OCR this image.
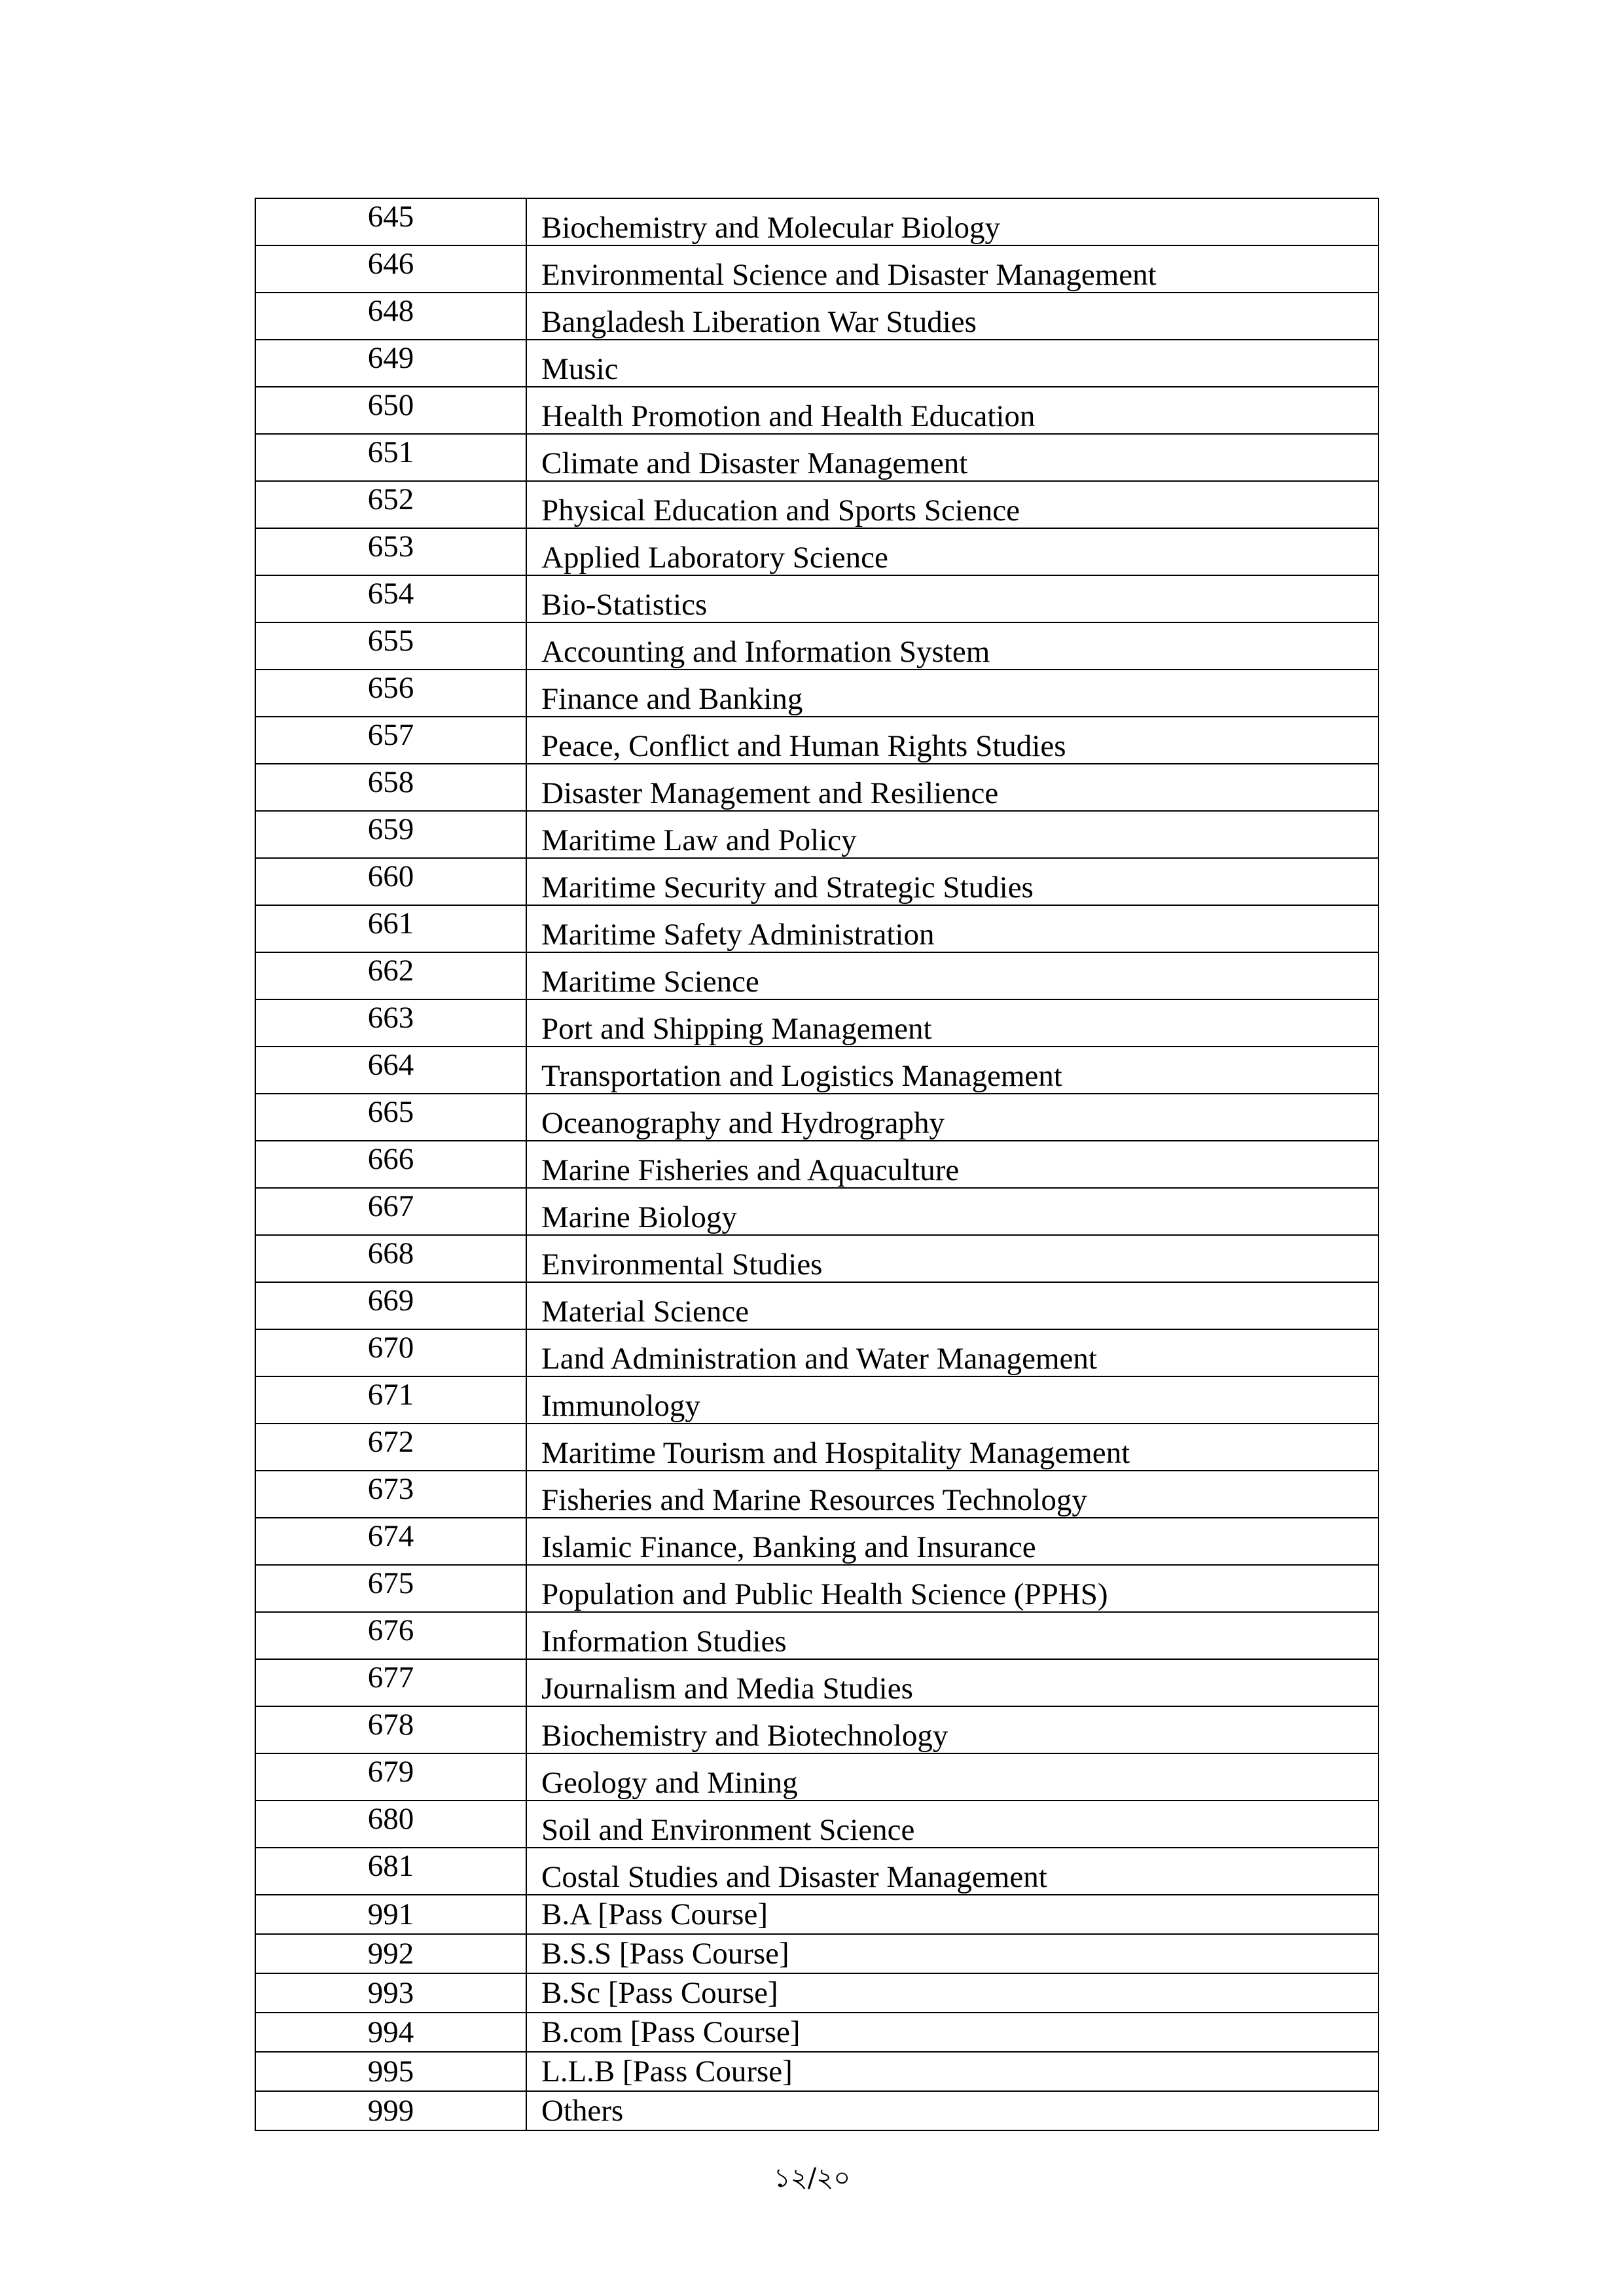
645	Biochemistry and Molecular Biology
646	Environmental Science and Disaster Management
648	Bangladesh Liberation War Studies
649	Music
650	Health Promotion and Health Education
651	Climate and Disaster Management
652	Physical Education and Sports Science
653	Applied Laboratory Science
654	Bio-Statistics
655	Accounting and Information System
656	Finance and Banking
657	Peace, Conflict and Human Rights Studies
658	Disaster Management and Resilience
659	Maritime Law and Policy
660	Maritime Security and Strategic Studies
661	Maritime Safety Administration
662	Maritime Science
663	Port and Shipping Management
664	Transportation and Logistics Management
665	Oceanography and Hydrography
666	Marine Fisheries and Aquaculture
667	Marine Biology
668	Environmental Studies
669	Material Science
670	Land Administration and Water Management
671	Immunology
672	Maritime Tourism and Hospitality Management
673	Fisheries and Marine Resources Technology
674	Islamic Finance, Banking and Insurance
675	Population and Public Health Science (PPHS)
676	Information Studies
677	Journalism and Media Studies
678	Biochemistry and Biotechnology
679	Geology and Mining
680	Soil and Environment Science
681	Costal Studies and Disaster Management
991	B.A [Pass Course]
992	B.S.S [Pass Course]
993	B.Sc [Pass Course]
994	B.com [Pass Course]
995	L.L.B [Pass Course]
999	Others
১২/২০
